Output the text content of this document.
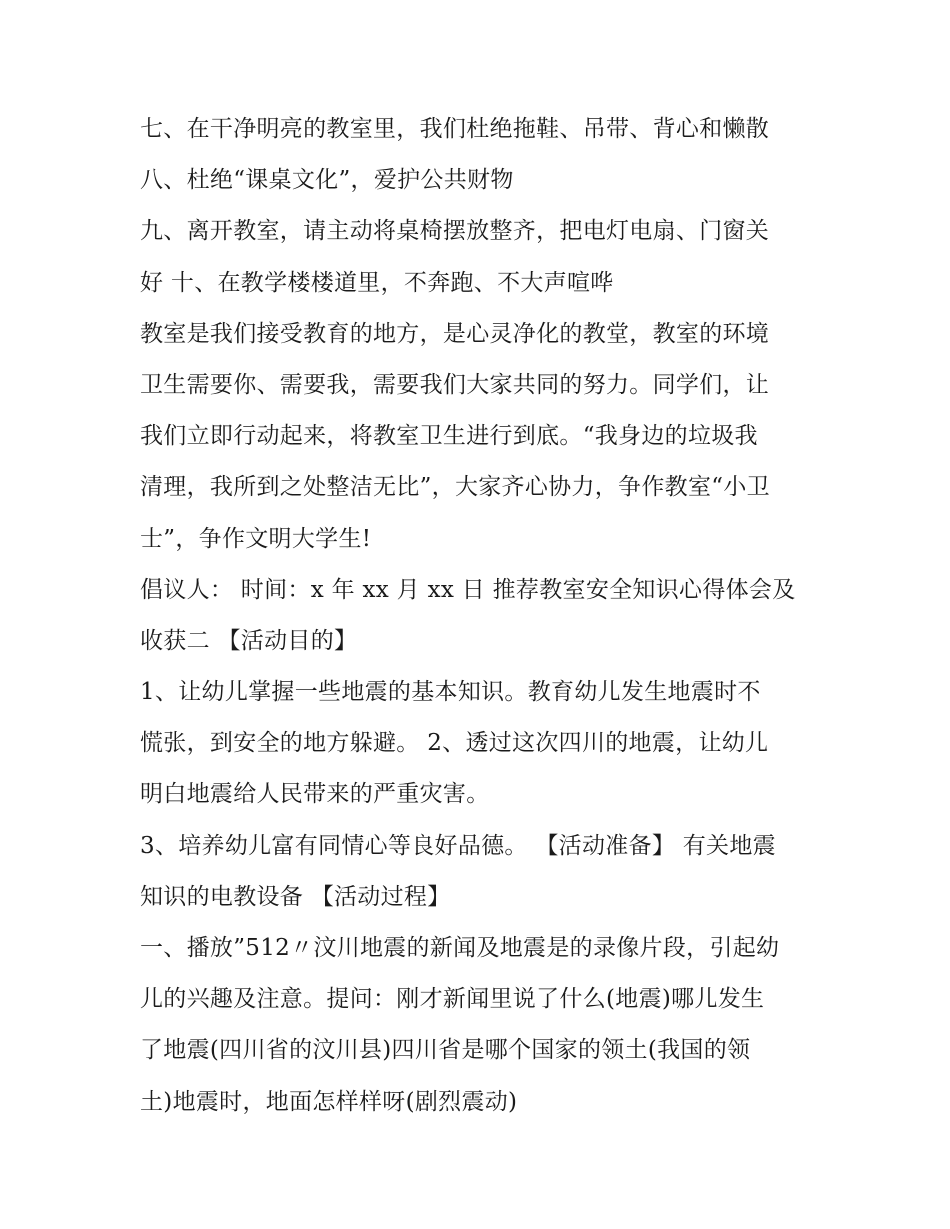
七、在干净明亮的教室里，我们杜绝拖鞋、吊带、背心和懒散
八、杜绝“课桌文化”，爱护公共财物
九、离开教室，请主动将桌椅摆放整齐，把电灯电扇、门窗关
好 十、在教学楼楼道里，不奔跑、不大声喧哗
教室是我们接受教育的地方，是心灵净化的教堂，教室的环境
卫生需要你、需要我，需要我们大家共同的努力。同学们，让
我们立即行动起来，将教室卫生进行到底。“我身边的垃圾我
清理，我所到之处整洁无比”，大家齐心协力，争作教室“小卫
士”，争作文明大学生!
倡议人： 时间：x 年 xx 月 xx 日 推荐教室安全知识心得体会及
收获二 【活动目的】
1、让幼儿掌握一些地震的基本知识。教育幼儿发生地震时不
慌张，到安全的地方躲避。 2、透过这次四川的地震，让幼儿
明白地震给人民带来的严重灾害。
3、培养幼儿富有同情心等良好品德。 【活动准备】 有关地震
知识的电教设备 【活动过程】
一、播放”512〃汶川地震的新闻及地震是的录像片段，引起幼
儿的兴趣及注意。提问：刚才新闻里说了什么(地震)哪儿发生
了地震(四川省的汶川县)四川省是哪个国家的领土(我国的领
土)地震时，地面怎样样呀(剧烈震动)
